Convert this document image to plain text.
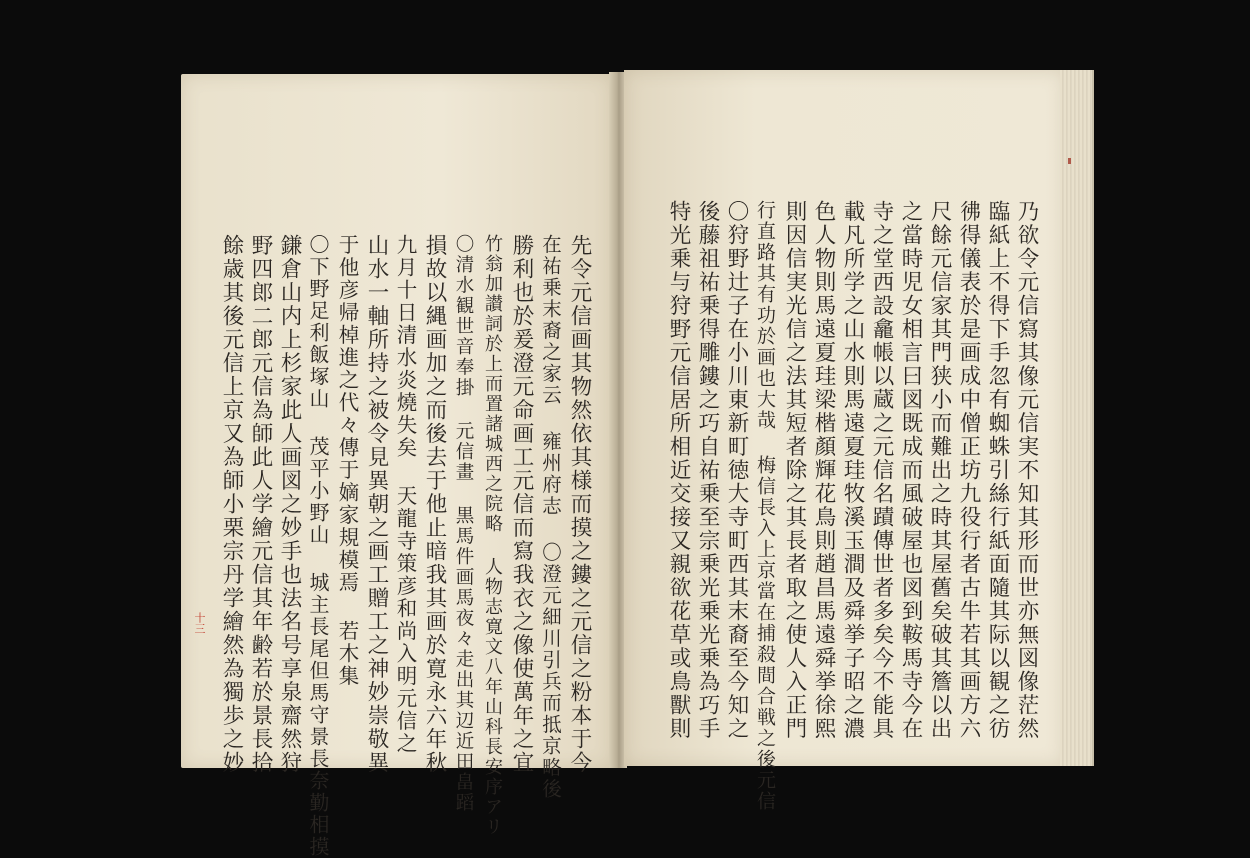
乃欲令元信寫其像元信実不知其形而世亦無図像茫然
臨紙上不得下手忽有蜘蛛引絲行紙面隨其际以観之彷
彿得儀表於是画成中僧正坊九役行者古牛若其画方六
尺餘元信家其門狭小而難出之時其屋舊矣破其簷以出
之當時児女相言曰図既成而風破屋也図到鞍馬寺今在
寺之堂西設龕帳以蔵之元信名蹟傳世者多矣今不能具
載凡所学之山水則馬遠夏珪牧溪玉澗及舜挙子昭之濃
色人物則馬遠夏珪梁楷顏輝花鳥則趙昌馬遠舜挙徐熙
則因信実光信之法其短者除之其長者取之使人入正門
行直路其有功於画也大哉 梅信長入上京當在捕殺間合戦之後元信
〇狩野辻子在小川東新町徳大寺町西其末裔至今知之
後藤祖祐乗得雕鏤之巧自祐乗至宗乗光乗光乗為巧手
特光乗与狩野元信居所相近交接又親欲花草或鳥獸則
先令元信画其物然依其様而摸之鏤之元信之粉本于今
在祐乗末裔之家云 雍州府志 〇澄元細川引兵而抵京略後
勝利也於爰澄元命画工元信而寫我衣之像使萬年之宜
竹翁加讃詞於上而置諸城西之院略 人物志寛文八年山科長安序アリ
〇清水観世音奉掛 元信畫 黒馬件画馬夜々走出其辺近田畠蹈
損故以縄画加之而後去于他止暗我其画於寛永六年秋
九月十日清水炎燒失矣 天龍寺策彦和尚入明元信之
山水一軸所持之被令見異朝之画工贈工之神妙崇敬異
于他彦帰棹進之代々傳于嫡家規模焉 若木集
〇下野足利飯塚山 茂平小野山 城主長尾但馬守景長奈勤相摸
鎌倉山内上杉家此人画図之妙手也法名号享泉齋然狩
野四郎二郎元信為師此人学繪元信其年齢若於景長拾
餘歳其後元信上京又為師小栗宗丹学繪然為獨歩之妙
十三
